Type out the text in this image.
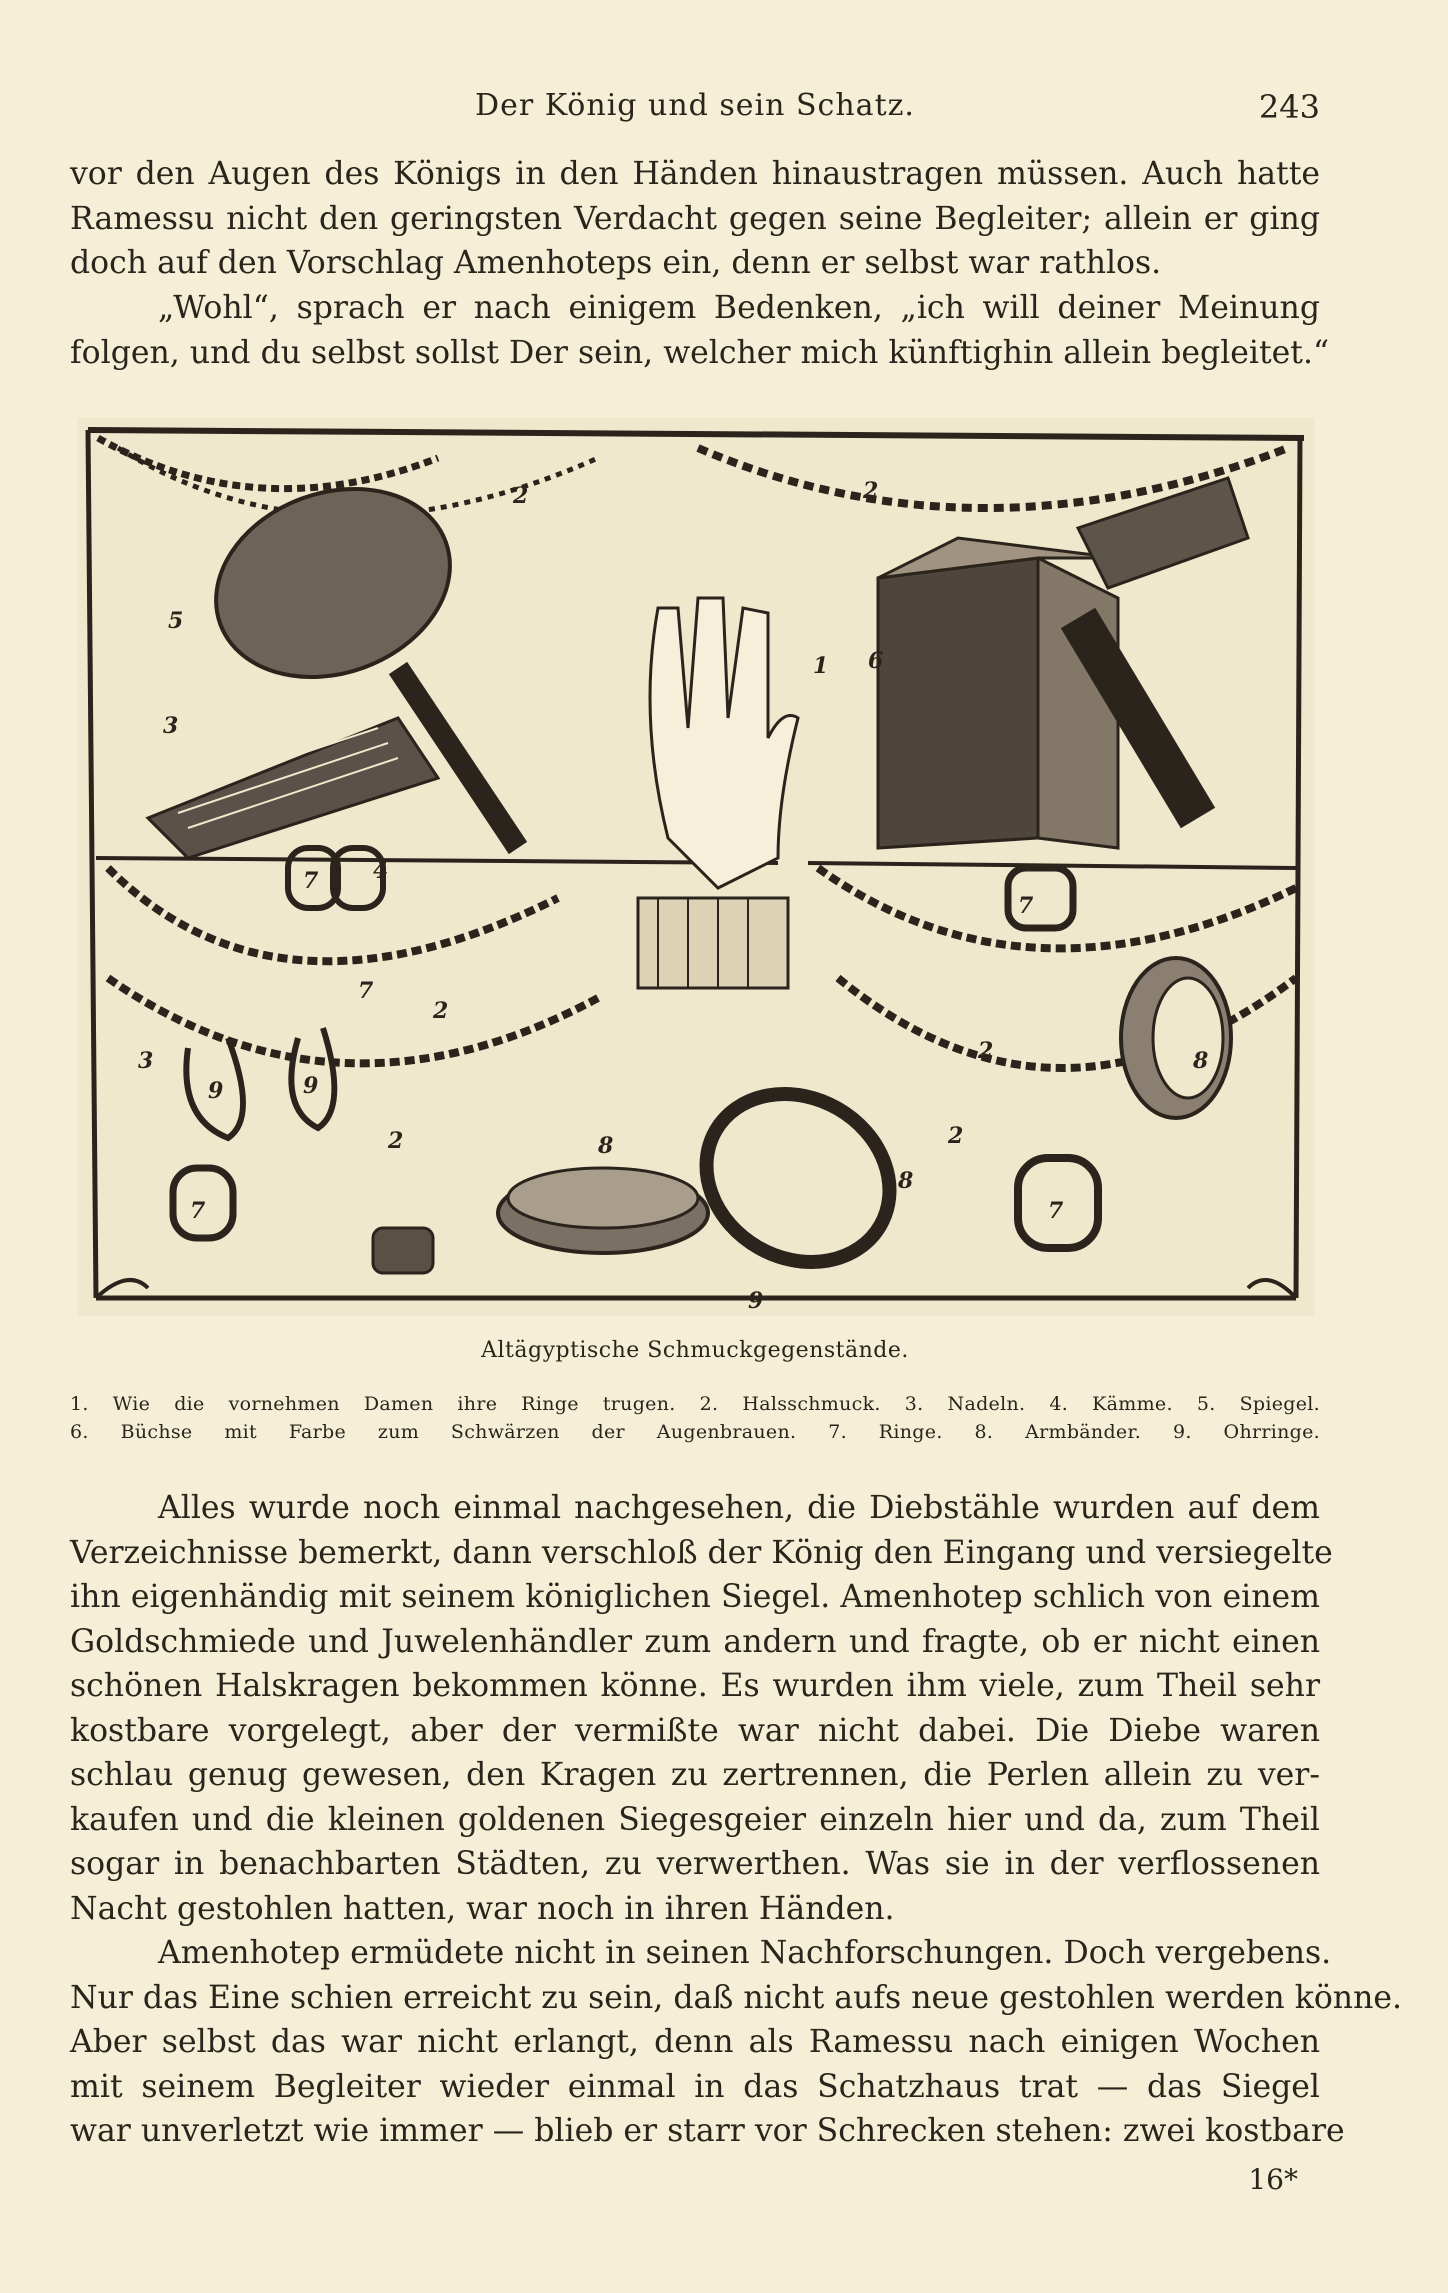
Der König und sein Schatz.	243

vor den Augen des Königs in den Händen hinaustragen müssen. Auch hatte
Ramessu nicht den geringsten Verdacht gegen seine Begleiter; allein er ging
doch auf den Vorschlag Amenhoteps ein, denn er selbst war rathlos.

„Wohl“, sprach er nach einigem Bedenken, „ich will deiner Meinung
folgen, und du selbst sollst Der sein, welcher mich künftighin allein begleitet.“

1
2	2
2
2
2
2
3
3
4
5
6
7
7
7
7
7
8
8
8
9	9
9
Altägyptische Schmuckgegenstände.
1. Wie die vornehmen Damen ihre Ringe trugen. 2. Halsschmuck. 3. Nadeln. 4. Kämme. 5. Spiegel.
6. Büchse mit Farbe zum Schwärzen der Augenbrauen. 7. Ringe. 8. Armbänder. 9. Ohrringe.

Alles wurde noch einmal nachgesehen, die Diebstähle wurden auf dem
Verzeichnisse bemerkt, dann verschloß der König den Eingang und versiegelte
ihn eigenhändig mit seinem königlichen Siegel. Amenhotep schlich von einem
Goldschmiede und Juwelenhändler zum andern und fragte, ob er nicht einen
schönen Halskragen bekommen könne. Es wurden ihm viele, zum Theil sehr
kostbare vorgelegt, aber der vermißte war nicht dabei. Die Diebe waren
schlau genug gewesen, den Kragen zu zertrennen, die Perlen allein zu ver-
kaufen und die kleinen goldenen Siegesgeier einzeln hier und da, zum Theil
sogar in benachbarten Städten, zu verwerthen. Was sie in der verflossenen
Nacht gestohlen hatten, war noch in ihren Händen.

Amenhotep ermüdete nicht in seinen Nachforschungen. Doch vergebens.
Nur das Eine schien erreicht zu sein, daß nicht aufs neue gestohlen werden könne.
Aber selbst das war nicht erlangt, denn als Ramessu nach einigen Wochen
mit seinem Begleiter wieder einmal in das Schatzhaus trat — das Siegel
war unverletzt wie immer — blieb er starr vor Schrecken stehen: zwei kostbare

16*
